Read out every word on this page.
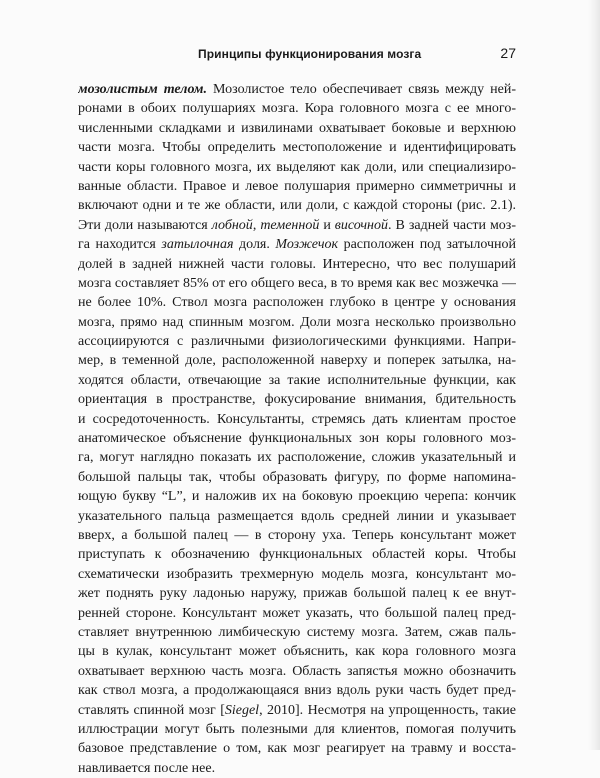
Принципы функционирования мозга	27
мозолистым телом. Мозолистое тело обеспечивает связь между ней-
ронами в обоих полушариях мозга. Кора головного мозга с ее много-
численными складками и извилинами охватывает боковые и верхнюю
части мозга. Чтобы определить местоположение и идентифицировать
части коры головного мозга, их выделяют как доли, или специализиро-
ванные области. Правое и левое полушария примерно симметричны и
включают одни и те же области, или доли, с каждой стороны (рис. 2.1).
Эти доли называются лобной, теменной и височной. В задней части моз-
га находится затылочная доля. Мозжечок расположен под затылочной
долей в задней нижней части головы. Интересно, что вес полушарий
мозга составляет 85% от его общего веса, в то время как вес мозжечка —
не более 10%. Ствол мозга расположен глубоко в центре у основания
мозга, прямо над спинным мозгом. Доли мозга несколько произвольно
ассоциируются с различными физиологическими функциями. Напри-
мер, в теменной доле, расположенной наверху и поперек затылка, на-
ходятся области, отвечающие за такие исполнительные функции, как
ориентация в пространстве, фокусирование внимания, бдительность
и сосредоточенность. Консультанты, стремясь дать клиентам простое
анатомическое объяснение функциональных зон коры головного моз-
га, могут наглядно показать их расположение, сложив указательный и
большой пальцы так, чтобы образовать фигуру, по форме напомина-
ющую букву “L”, и наложив их на боковую проекцию черепа: кончик
указательного пальца размещается вдоль средней линии и указывает
вверх, а большой палец — в сторону уха. Теперь консультант может
приступать к обозначению функциональных областей коры. Чтобы
схематически изобразить трехмерную модель мозга, консультант мо-
жет поднять руку ладонью наружу, прижав большой палец к ее внут-
ренней стороне. Консультант может указать, что большой палец пред-
ставляет внутреннюю лимбическую систему мозга. Затем, сжав паль-
цы в кулак, консультант может объяснить, как кора головного мозга
охватывает верхнюю часть мозга. Область запястья можно обозначить
как ствол мозга, а продолжающаяся вниз вдоль руки часть будет пред-
ставлять спинной мозг [Siegel, 2010]. Несмотря на упрощенность, такие
иллюстрации могут быть полезными для клиентов, помогая получить
базовое представление о том, как мозг реагирует на травму и восста-
навливается после нее.
